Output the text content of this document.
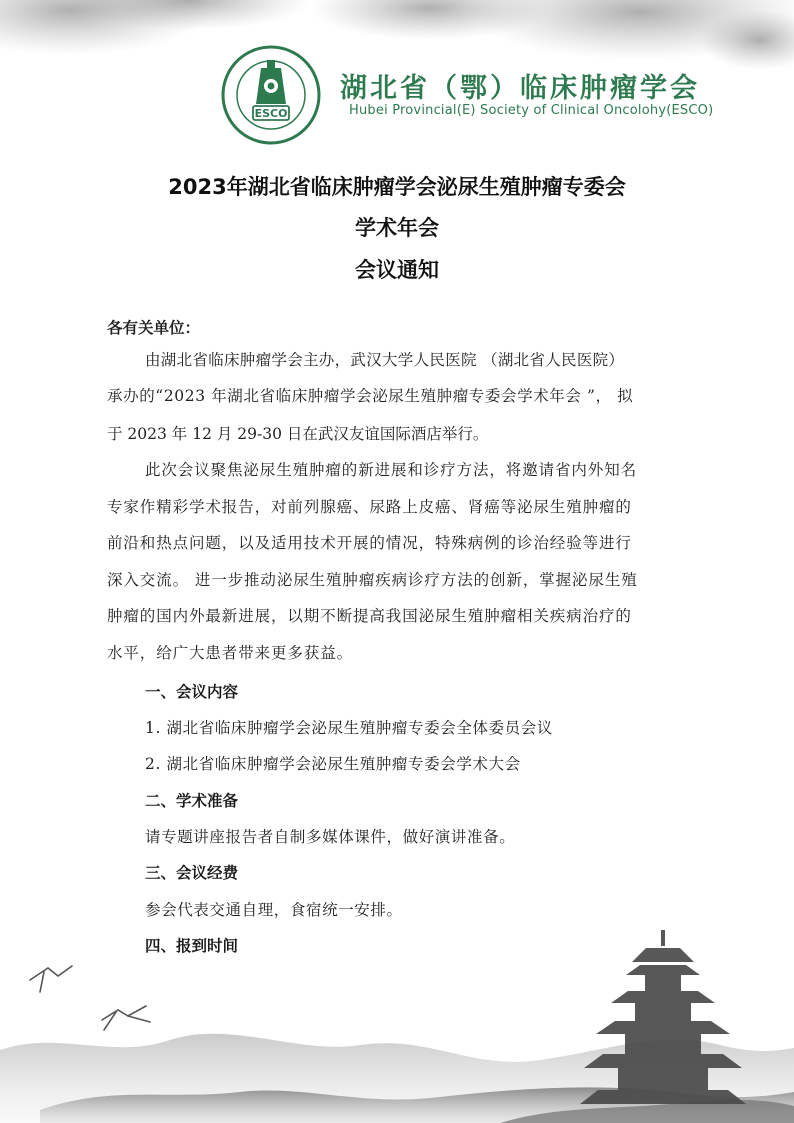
ESCO
湖北省（鄂）临床肿瘤学会
Hubei Provincial(E) Society of Clinical Oncolohy(ESCO)
2023年湖北省临床肿瘤学会泌尿生殖肿瘤专委会
学术年会
会议通知
各有关单位：
由湖北省临床肿瘤学会主办，武汉大学人民医院 （湖北省人民医院）
承办的“2023 年湖北省临床肿瘤学会泌尿生殖肿瘤专委会学术年会 ”， 拟
于 2023 年 12 月 29-30 日在武汉友谊国际酒店举行。
此次会议聚焦泌尿生殖肿瘤的新进展和诊疗方法，将邀请省内外知名
专家作精彩学术报告，对前列腺癌、尿路上皮癌、肾癌等泌尿生殖肿瘤的
前沿和热点问题，以及适用技术开展的情况，特殊病例的诊治经验等进行
深入交流。 进一步推动泌尿生殖肿瘤疾病诊疗方法的创新，掌握泌尿生殖
肿瘤的国内外最新进展，以期不断提高我国泌尿生殖肿瘤相关疾病治疗的
水平，给广大患者带来更多获益。
一、会议内容
1. 湖北省临床肿瘤学会泌尿生殖肿瘤专委会全体委员会议
2. 湖北省临床肿瘤学会泌尿生殖肿瘤专委会学术大会
二、学术准备
请专题讲座报告者自制多媒体课件，做好演讲准备。
三、会议经费
参会代表交通自理，食宿统一安排。
四、报到时间
